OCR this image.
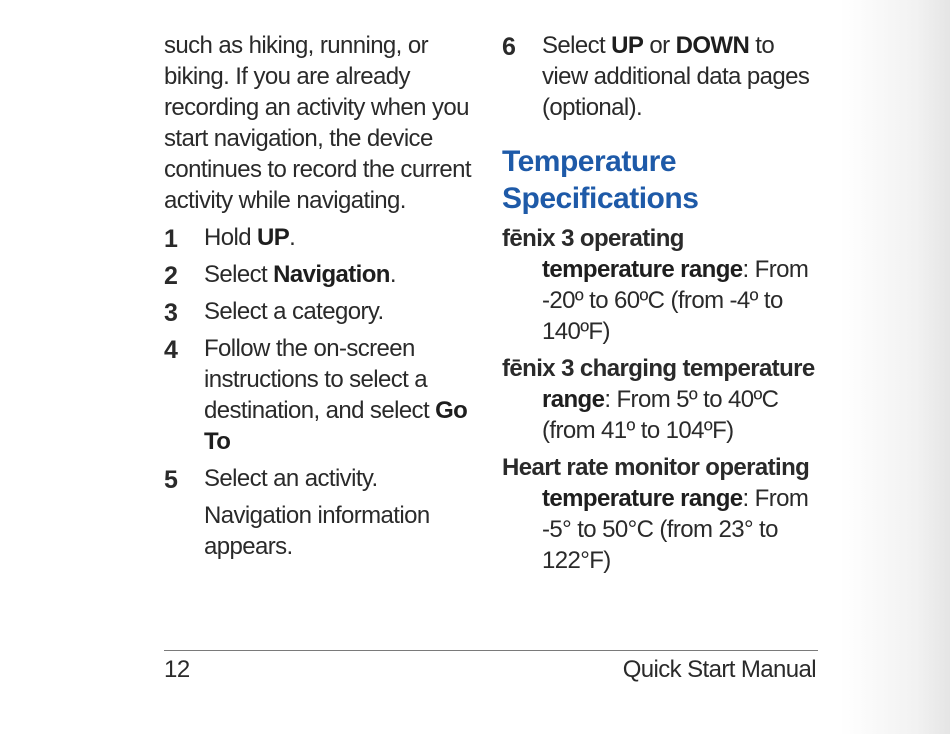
such as hiking, running, or biking. If you are already recording an activity when you start navigation, the device continues to record the current activity while navigating.

1 Hold UP.
2 Select Navigation.
3 Select a category.
4 Follow the on-screen instructions to select a destination, and select Go To
5 Select an activity.
Navigation information appears.
6 Select UP or DOWN to view additional data pages (optional).
Temperature Specifications
fēnix 3 operating
temperature range: From -20º to 60ºC (from -4º to 140ºF)
fēnix 3 charging temperature
range: From 5º to 40ºC (from 41º to 104ºF)
Heart rate monitor operating
temperature range: From -5° to 50°C (from 23° to 122°F)
12	Quick Start Manual
